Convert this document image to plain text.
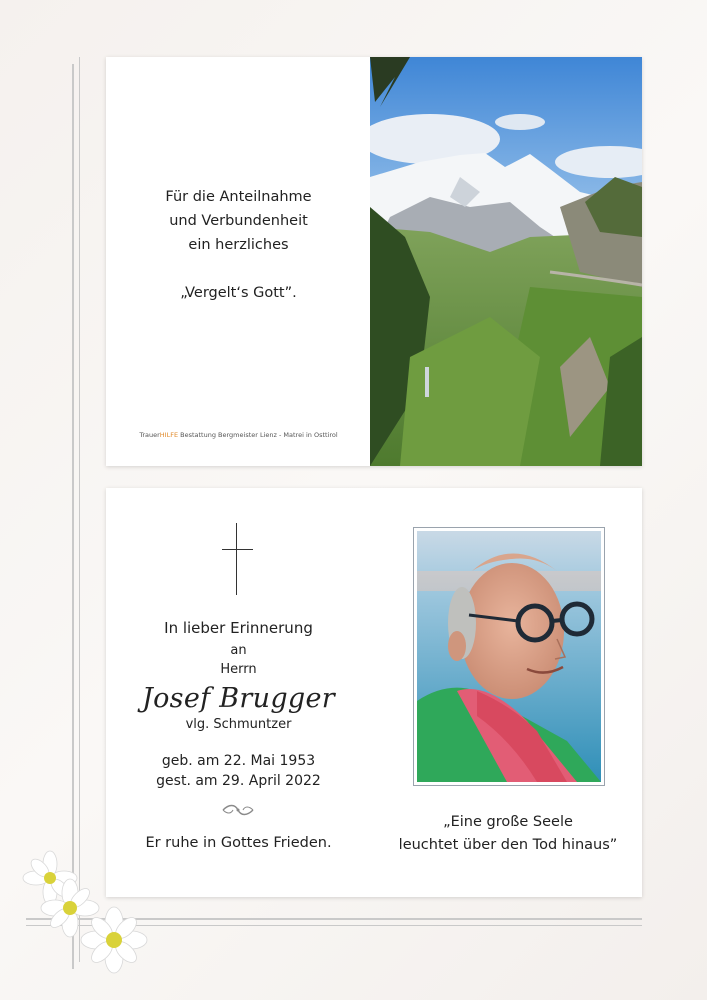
Für die Anteilnahme
und Verbundenheit
ein herzliches
„Vergelt‘s Gott”.
TrauerHILFE Bestattung Bergmeister Lienz - Matrei in Osttirol
In lieber Erinnerung
an
Herrn
Josef Brugger
vlg. Schmuntzer
geb. am 22. Mai 1953
gest. am 29. April 2022
Er ruhe in Gottes Frieden.
„Eine große Seele
leuchtet über den Tod hinaus”
